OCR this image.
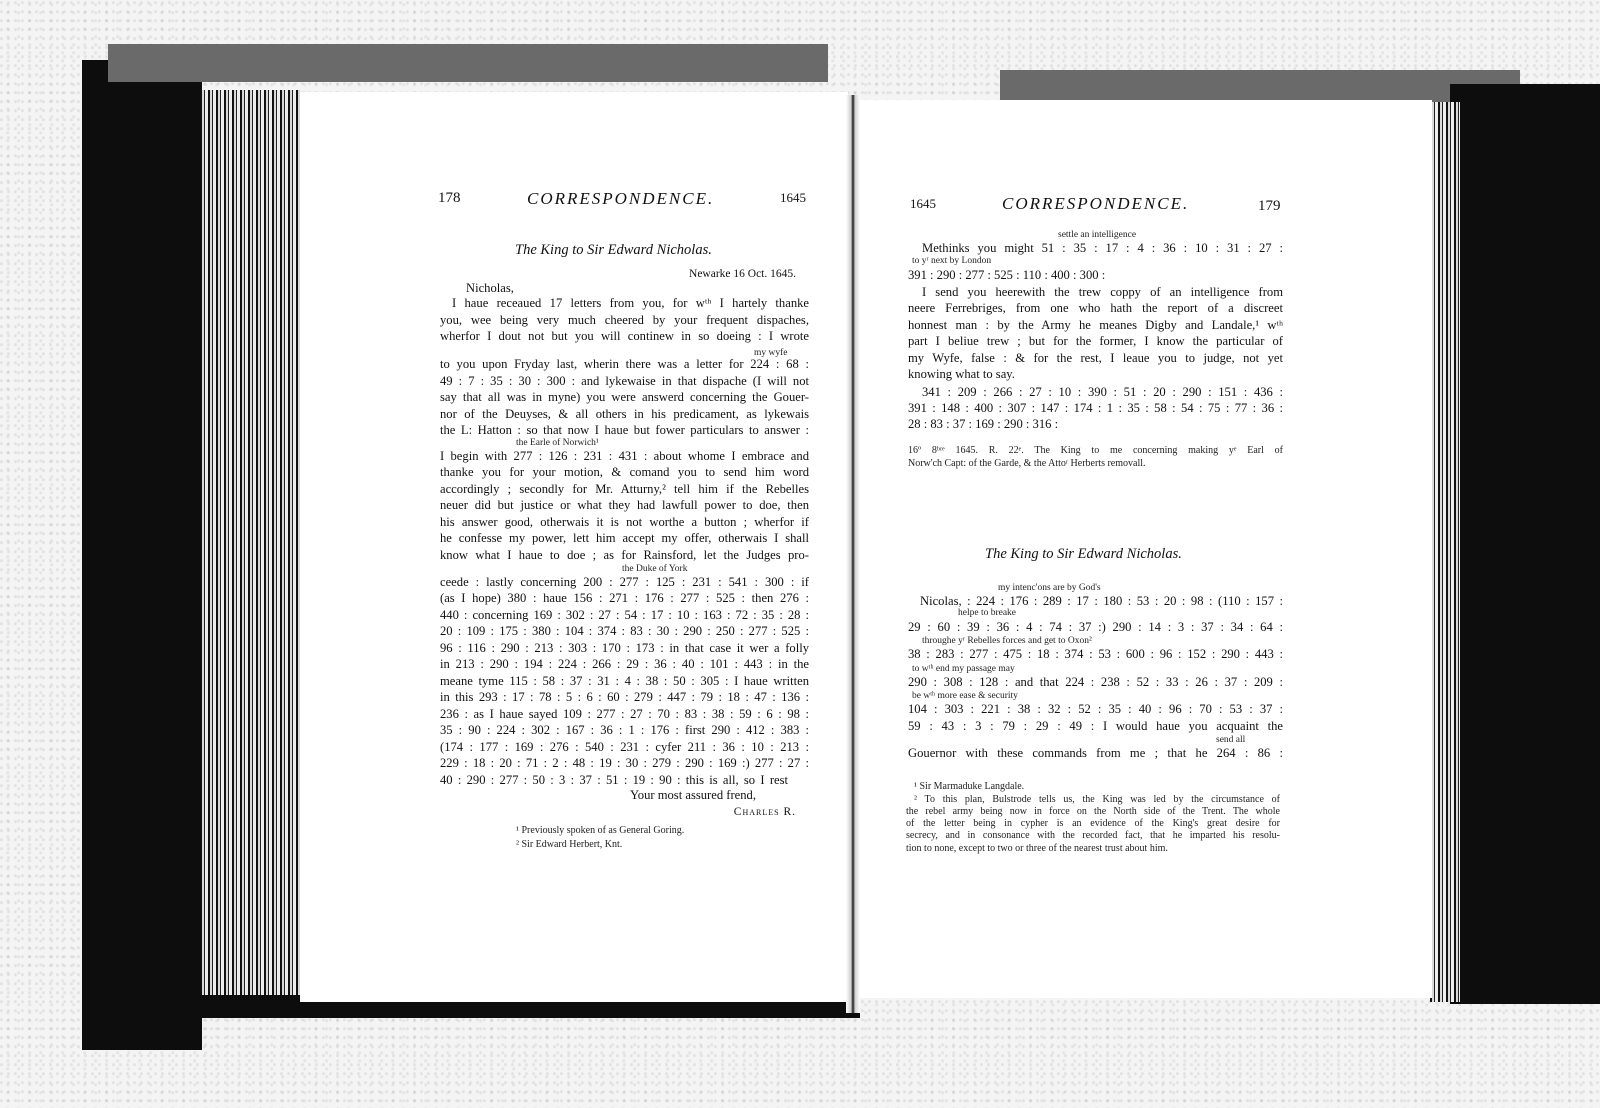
178	CORRESPONDENCE.	1645
The King to Sir Edward Nicholas.
Newarke 16 Oct. 1645.
Nicholas,
I haue receaued 17 letters from you, for wᵗʰ I hartely thanke
you, wee being very much cheered by your frequent dispaches,
wherfor I dout not but you will continew in so doeing : I wrote
to you upon Fryday last, wherin there was a letter for 224 : 68 :
49 : 7 : 35 : 30 : 300 : and lykewaise in that dispache (I will not
say that all was in myne) you were answerd concerning the Gouer-
nor of the Deuyses, & all others in his predicament, as lykewais
the L: Hatton : so that now I haue but fower particulars to answer :
I begin with 277 : 126 : 231 : 431 : about whome I embrace and
thanke you for your motion, & comand you to send him word
accordingly ; secondly for Mr. Atturny,² tell him if the Rebelles
neuer did but justice or what they had lawfull power to doe, then
his answer good, otherwais it is not worthe a button ; wherfor if
he confesse my power, lett him accept my offer, otherwais I shall
know what I haue to doe ; as for Rainsford, let the Judges pro-
ceede : lastly concerning 200 : 277 : 125 : 231 : 541 : 300 : if
(as I hope) 380 : haue 156 : 271 : 176 : 277 : 525 : then 276 :
440 : concerning 169 : 302 : 27 : 54 : 17 : 10 : 163 : 72 : 35 : 28 :
20 : 109 : 175 : 380 : 104 : 374 : 83 : 30 : 290 : 250 : 277 : 525 :
96 : 116 : 290 : 213 : 303 : 170 : 173 : in that case it wer a folly
in 213 : 290 : 194 : 224 : 266 : 29 : 36 : 40 : 101 : 443 : in the
meane tyme 115 : 58 : 37 : 31 : 4 : 38 : 50 : 305 : I haue written
in this 293 : 17 : 78 : 5 : 6 : 60 : 279 : 447 : 79 : 18 : 47 : 136 :
236 : as I haue sayed 109 : 277 : 27 : 70 : 83 : 38 : 59 : 6 : 98 :
35 : 90 : 224 : 302 : 167 : 36 : 1 : 176 : first 290 : 412 : 383 :
(174 : 177 : 169 : 276 : 540 : 231 : cyfer 211 : 36 : 10 : 213 :
229 : 18 : 20 : 71 : 2 : 48 : 19 : 30 : 279 : 290 : 169 :) 277 : 27 :
40 : 290 : 277 : 50 : 3 : 37 : 51 : 19 : 90 : this is all, so I rest
my wyfe
the Earle of Norwich¹
the Duke of York
Your most assured frend,
Charles R.
¹ Previously spoken of as General Goring.
² Sir Edward Herbert, Knt.
1645	CORRESPONDENCE.	179
settle an intelligence
to yʳ next by London
Methinks you might 51 : 35 : 17 : 4 : 36 : 10 : 31 : 27 :
391 : 290 : 277 : 525 : 110 : 400 : 300 :
I send you heerewith the trew coppy of an intelligence from
neere Ferrebriges, from one who hath the report of a discreet
honnest man : by the Army he meanes Digby and Landale,¹ wᵗʰ
part I beliue trew ; but for the former, I know the particular of
my Wyfe, false : & for the rest, I leaue you to judge, not yet
knowing what to say.
341 : 209 : 266 : 27 : 10 : 390 : 51 : 20 : 290 : 151 : 436 :
391 : 148 : 400 : 307 : 147 : 174 : 1 : 35 : 58 : 54 : 75 : 77 : 36 :
28 : 83 : 37 : 169 : 290 : 316 :
16º 8ᵇʳᵉ 1645. R. 22ᵉ. The King to me concerning making yᵉ Earl of
Norw'ch Capt: of the Garde, & the Attoʳ Herberts removall.
The King to Sir Edward Nicholas.
Nicolas, : 224 : 176 : 289 : 17 : 180 : 53 : 20 : 98 : (110 : 157 :
29 : 60 : 39 : 36 : 4 : 74 : 37 :) 290 : 14 : 3 : 37 : 34 : 64 :
38 : 283 : 277 : 475 : 18 : 374 : 53 : 600 : 96 : 152 : 290 : 443 :
290 : 308 : 128 : and that 224 : 238 : 52 : 33 : 26 : 37 : 209 :
104 : 303 : 221 : 38 : 32 : 52 : 35 : 40 : 96 : 70 : 53 : 37 :
59 : 43 : 3 : 79 : 29 : 49 : I would haue you acquaint the
Gouernor with these commands from me ; that he 264 : 86 :
my intenc'ons are by God's
helpe to breake
throughe yʳ Rebelles forces and get to Oxon²
to wᵗʰ end my passage may
be wᵗʰ more ease & security
send all
¹ Sir Marmaduke Langdale.
² To this plan, Bulstrode tells us, the King was led by the circumstance of
the rebel army being now in force on the North side of the Trent. The whole
of the letter being in cypher is an evidence of the King's great desire for
secrecy, and in consonance with the recorded fact, that he imparted his resolu-
tion to none, except to two or three of the nearest trust about him.
